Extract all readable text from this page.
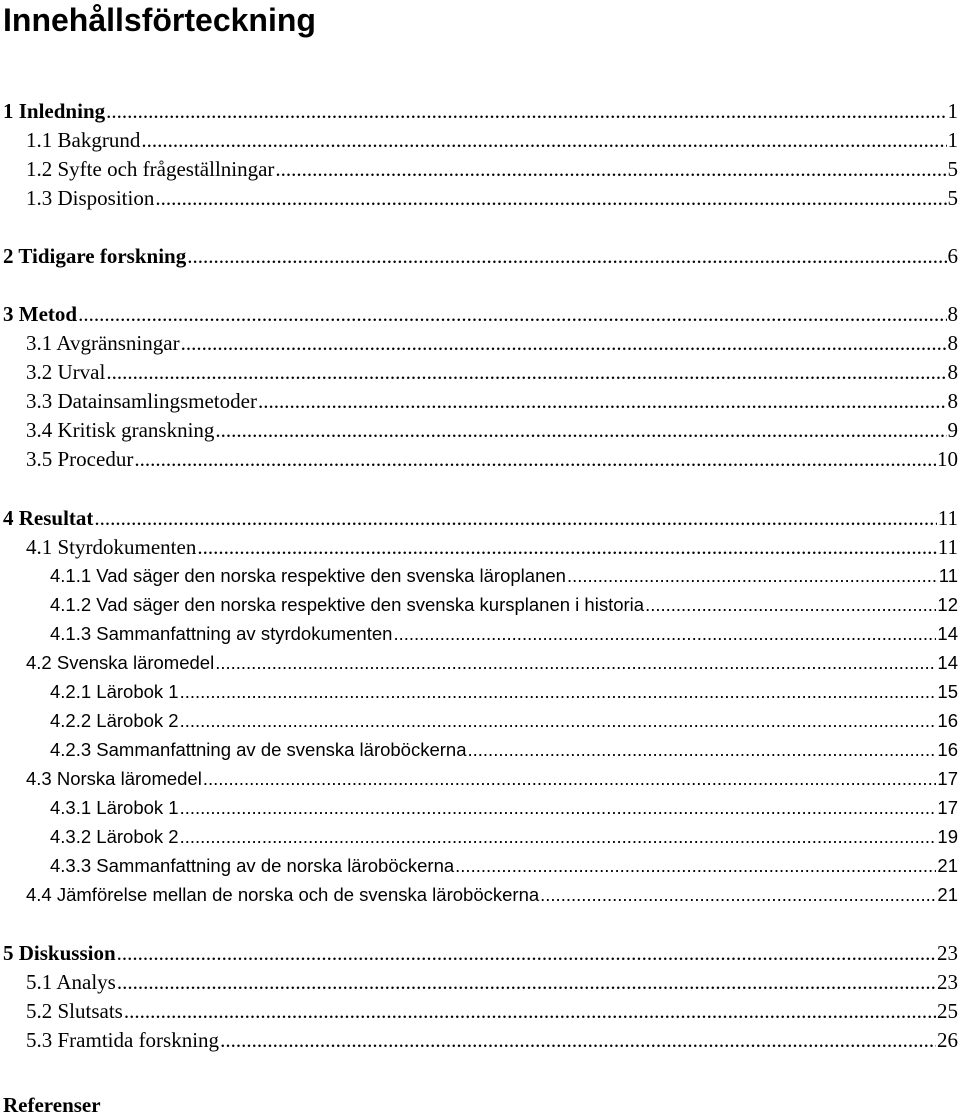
Innehållsförteckning
1 Inledning .....	1
1.1 Bakgrund .....	1
1.2 Syfte och frågeställningar .....	5
1.3 Disposition .....	5
2 Tidigare forskning .....	6
3 Metod .....	8
3.1 Avgränsningar .....	8
3.2 Urval .....	8
3.3 Datainsamlingsmetoder .....	8
3.4 Kritisk granskning .....	9
3.5 Procedur .....	10
4 Resultat .....	11
4.1 Styrdokumenten .....	11
4.1.1 Vad säger den norska respektive den svenska läroplanen .....	11
4.1.2 Vad säger den norska respektive den svenska kursplanen i historia .....	12
4.1.3 Sammanfattning av styrdokumenten .....	14
4.2 Svenska läromedel .....	14
4.2.1 Lärobok 1 .....	15
4.2.2 Lärobok 2 .....	16
4.2.3 Sammanfattning av de svenska läroböckerna .....	16
4.3 Norska läromedel .....	17
4.3.1 Lärobok 1 .....	17
4.3.2 Lärobok 2 .....	19
4.3.3 Sammanfattning av de norska läroböckerna .....	21
4.4 Jämförelse mellan de norska och de svenska läroböckerna .....	21
5 Diskussion .....	23
5.1 Analys .....	23
5.2 Slutsats .....	25
5.3 Framtida forskning .....	26
Referenser
